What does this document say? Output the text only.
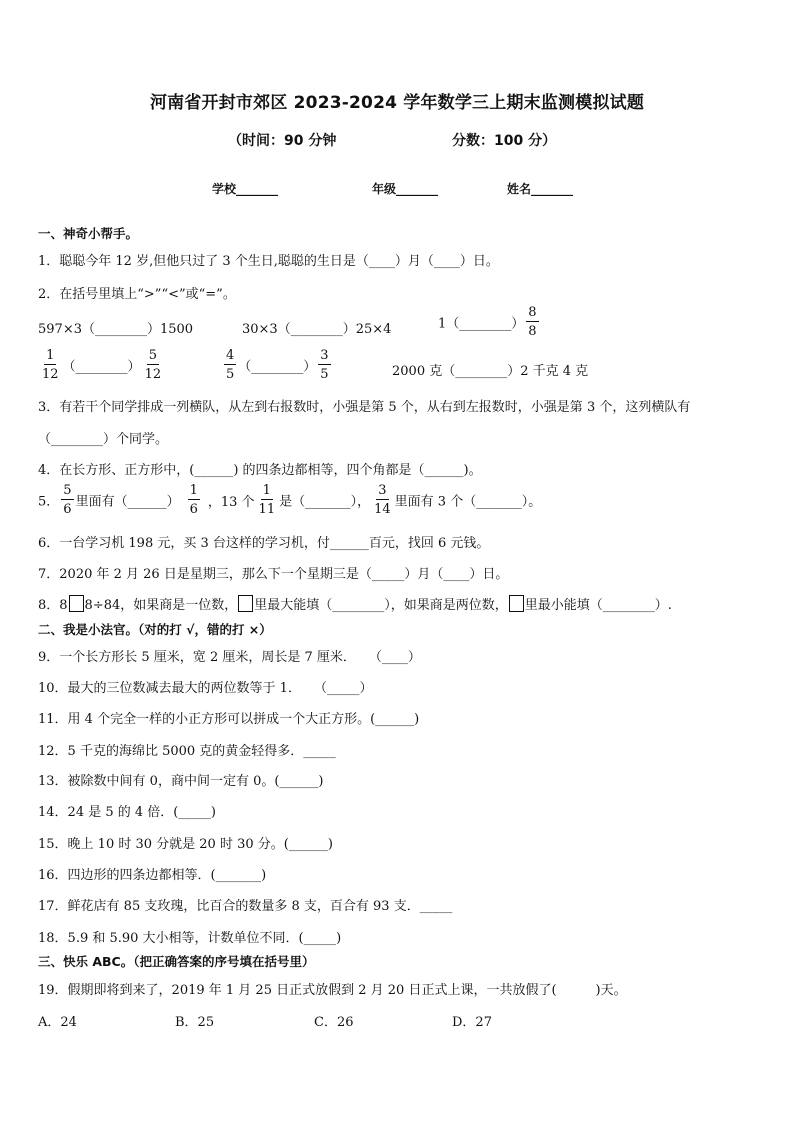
河南省开封市郊区 2023-2024 学年数学三上期末监测模拟试题
（时间：90 分钟	分数：100 分）
学校_______	年级_______	姓名_______
一、神奇小帮手。
1．聪聪今年 12 岁,但他只过了 3 个生日,聪聪的生日是（____）月（____）日。
2．在括号里填上“>”“<”或“=”。
597×3（________）1500	30×3（________）25×4	1（________） $\frac{8}{8}$
$\frac{1}{12}$ （________） $\frac{5}{12}$	$\frac{4}{5}$ （________） $\frac{3}{5}$	2000 克（________）2 千克 4 克
3．有若干个同学排成一列横队，从左到右报数时，小强是第 5 个，从右到左报数时，小强是第 3 个，这列横队有
（________）个同学。
4．在长方形、正方形中，(______) 的四条边都相等，四个角都是（______)。
5． $\frac{5}{6}$ 里面有（______） $\frac{1}{6}$ ，13 个 $\frac{1}{11}$ 是（_______）， $\frac{3}{14}$ 里面有 3 个（_______）。
6．一台学习机 198 元，买 3 台这样的学习机，付______百元，找回 6 元钱。
7．2020 年 2 月 26 日是星期三，那么下一个星期三是（_____）月（____）日。
8．8 8÷84，如果商是一位数， 里最大能填（________），如果商是两位数， 里最小能填（________）.
二、我是小法官。（对的打 √，错的打 ×）
9．一个长方形长 5 厘米，宽 2 厘米，周长是 7 厘米．　　（____）
10．最大的三位数减去最大的两位数等于 1．　　（_____）
11．用 4 个完全一样的小正方形可以拼成一个大正方形。(______)
12．5 千克的海绵比 5000 克的黄金轻得多．_____
13．被除数中间有 0，商中间一定有 0。(______)
14．24 是 5 的 4 倍．(_____)
15．晚上 10 时 30 分就是 20 时 30 分。(______)
16．四边形的四条边都相等．(_______)
17．鲜花店有 85 支玫瑰，比百合的数量多 8 支，百合有 93 支．_____
18．5.9 和 5.90 大小相等，计数单位不同．(_____)
三、快乐 ABC。（把正确答案的序号填在括号里）
19．假期即将到来了，2019 年 1 月 25 日正式放假到 2 月 20 日正式上课，一共放假了(　　　)天。
A．24	B．25	C．26	D．27
